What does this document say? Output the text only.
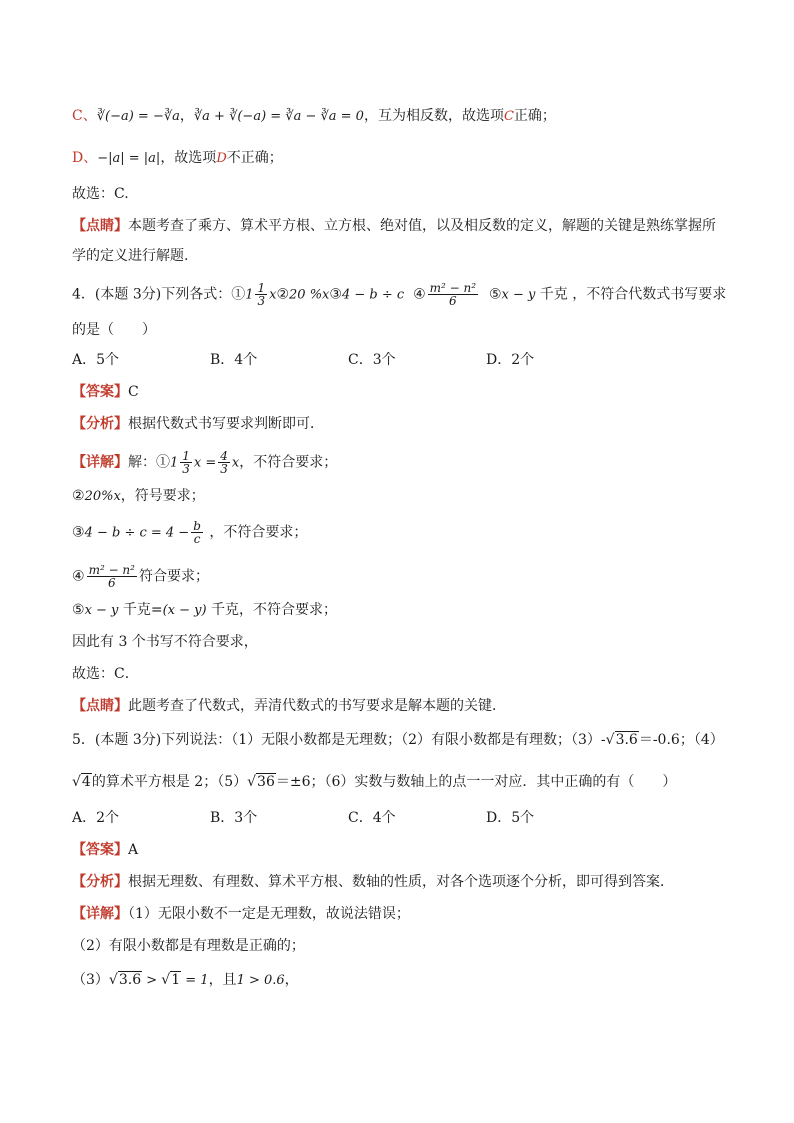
C、∛(−a) = −∛a，∛a + ∛(−a) = ∛a − ∛a = 0，互为相反数，故选项C正确；
D、−|a| = |a|，故选项D不正确；
故选：C.
【点睛】本题考查了乘方、算术平方根、立方根、绝对值，以及相反数的定义，解题的关键是熟练掌握所
学的定义进行解题.
4．(本题 3分)下列各式：①1 $\frac{1}{3}$ x②20 %x③4 − b ÷ c ④ $\frac{\text{m² − n²}}{6}$ ⑤x − y 千克 ，不符合代数式书写要求
的是（　　）
A．5个	B．4个	C．3个	D．2个
【答案】C
【分析】根据代数式书写要求判断即可．
【详解】解：①1 $\frac{1}{3}$ $x = \frac{4}{3}$ x，不符合要求；
②20%x，符号要求；
③4 − $b \div c = 4 - \frac{b}{c}$ ，不符合要求；
④ $\frac{\text{m² − n²}}{6}$ 符合要求；
⑤x − y 千克=(x − y) 千克，不符合要求；
因此有 3 个书写不符合要求，
故选：C．
【点睛】此题考查了代数式，弄清代数式的书写要求是解本题的关键．
5．(本题 3分)下列说法：（1）无限小数都是无理数；（2）有限小数都是有理数；（3）-√3.6＝-0.6；（4）
√4的算术平方根是 2；（5）√36＝±6；（6）实数与数轴上的点一一对应．其中正确的有（　　）
A．2个	B．3个	C．4个	D．5个
【答案】A
【分析】根据无理数、有理数、算术平方根、数轴的性质，对各个选项逐个分析，即可得到答案．
【详解】（1）无限小数不一定是无理数，故说法错误；
（2）有限小数都是有理数是正确的；
（3）√3.6 > √1 = 1，且1 > 0.6，
